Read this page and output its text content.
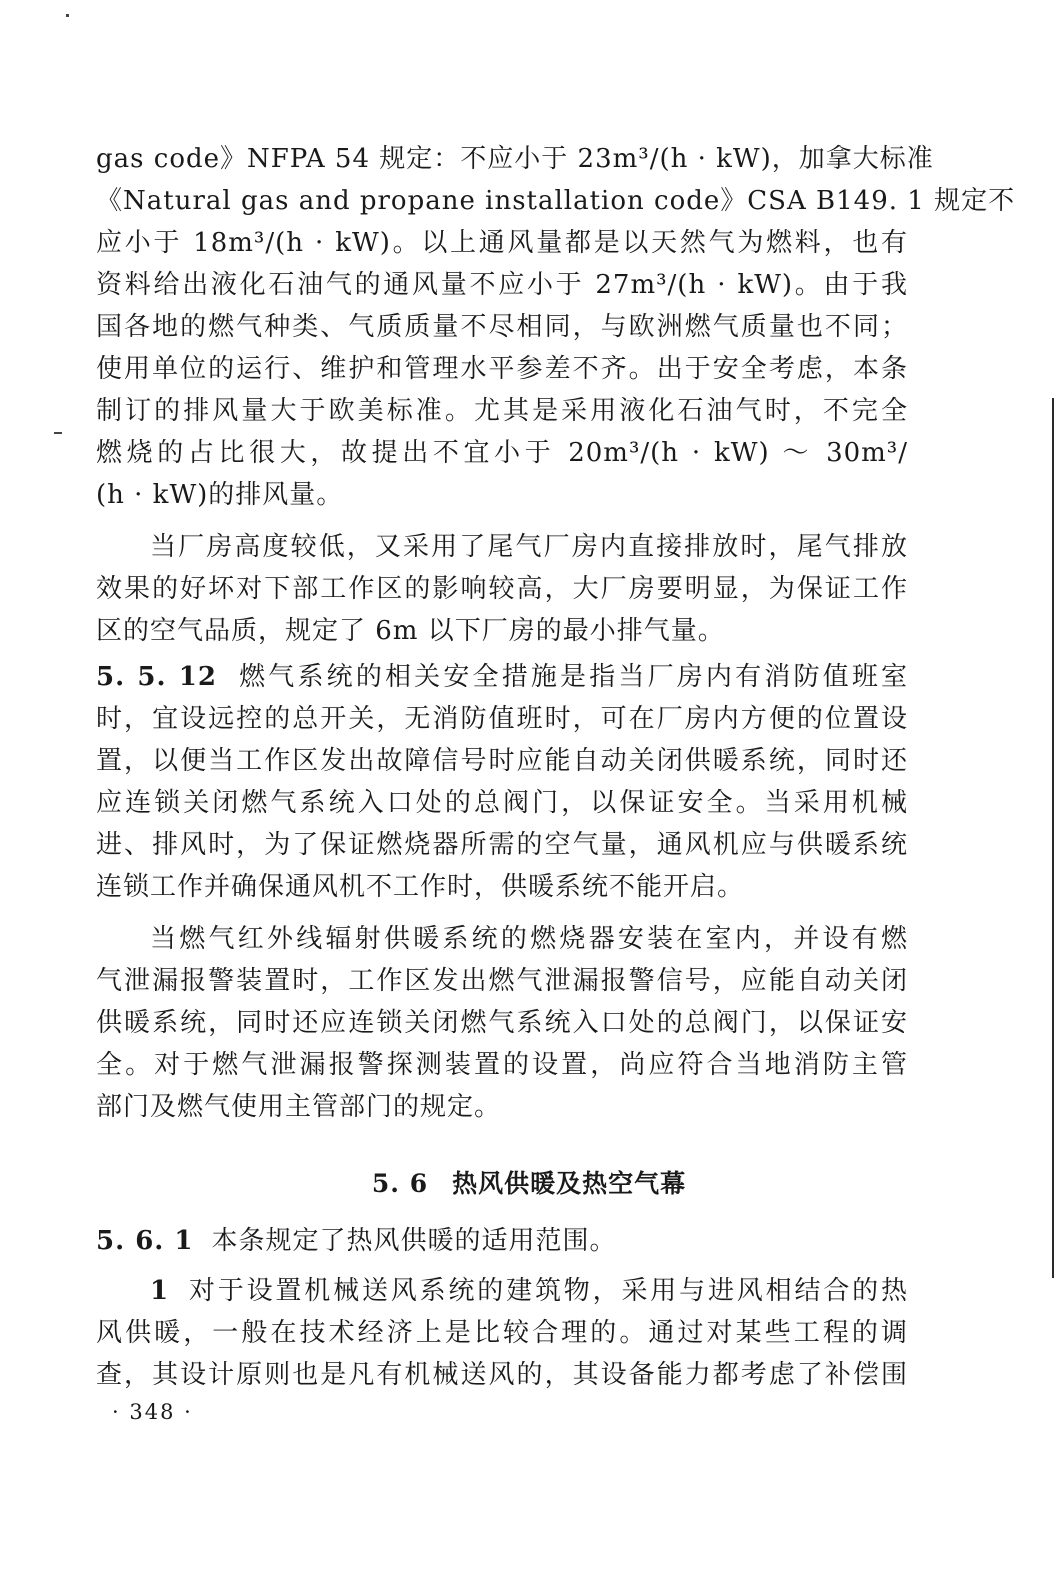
gas code》NFPA 54 规定：不应小于 23m³/(h · kW)，加拿大标准
《Natural gas and propane installation code》CSA B149. 1 规定不
应小于 18m³/(h · kW)。以上通风量都是以天然气为燃料，也有
资料给出液化石油气的通风量不应小于 27m³/(h · kW)。由于我
国各地的燃气种类、气质质量不尽相同，与欧洲燃气质量也不同；
使用单位的运行、维护和管理水平参差不齐。出于安全考虑，本条
制订的排风量大于欧美标准。尤其是采用液化石油气时，不完全
燃烧的占比很大，故提出不宜小于 20m³/(h · kW) ～ 30m³/
(h · kW)的排风量。
当厂房高度较低，又采用了尾气厂房内直接排放时，尾气排放
效果的好坏对下部工作区的影响较高，大厂房要明显，为保证工作
区的空气品质，规定了 6m 以下厂房的最小排气量。
5. 5. 12 燃气系统的相关安全措施是指当厂房内有消防值班室
时，宜设远控的总开关，无消防值班时，可在厂房内方便的位置设
置，以便当工作区发出故障信号时应能自动关闭供暖系统，同时还
应连锁关闭燃气系统入口处的总阀门，以保证安全。当采用机械
进、排风时，为了保证燃烧器所需的空气量，通风机应与供暖系统
连锁工作并确保通风机不工作时，供暖系统不能开启。
当燃气红外线辐射供暖系统的燃烧器安装在室内，并设有燃
气泄漏报警装置时，工作区发出燃气泄漏报警信号，应能自动关闭
供暖系统，同时还应连锁关闭燃气系统入口处的总阀门，以保证安
全。对于燃气泄漏报警探测装置的设置，尚应符合当地消防主管
部门及燃气使用主管部门的规定。
5. 6 热风供暖及热空气幕
5. 6. 1 本条规定了热风供暖的适用范围。
1 对于设置机械送风系统的建筑物，采用与进风相结合的热
风供暖，一般在技术经济上是比较合理的。通过对某些工程的调
查，其设计原则也是凡有机械送风的，其设备能力都考虑了补偿围
· 348 ·
